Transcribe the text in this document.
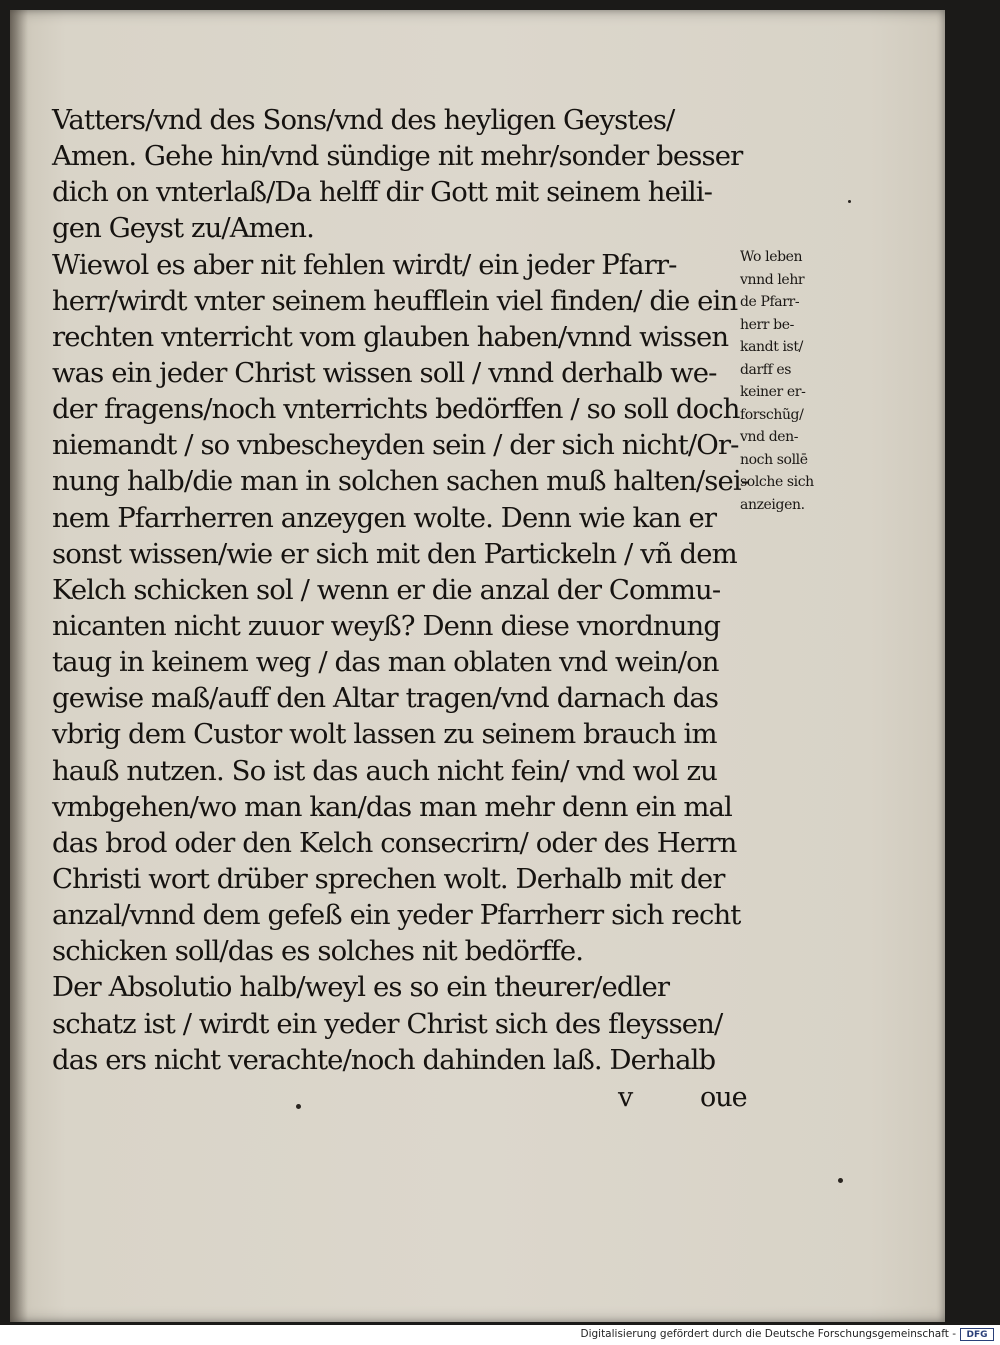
Vatters/vnd des Sons/vnd des heyligen Geystes/
Amen. Gehe hin/vnd sündige nit mehr/sonder besser
dich on vnterlaß/Da helff dir Gott mit seinem heili-
gen Geyst zu/Amen.
Wiewol es aber nit fehlen wirdt/ ein jeder Pfarr-
herr/wirdt vnter seinem heufflein viel finden/ die ein
rechten vnterricht vom glauben haben/vnnd wissen
was ein jeder Christ wissen soll / vnnd derhalb we-
der fragens/noch vnterrichts bedörffen / so soll doch
niemandt / so vnbescheyden sein / der sich nicht/Or-
nung halb/die man in solchen sachen muß halten/sei-
nem Pfarrherren anzeygen wolte. Denn wie kan er
sonst wissen/wie er sich mit den Partickeln / vñ dem
Kelch schicken sol / wenn er die anzal der Commu-
nicanten nicht zuuor weyß? Denn diese vnordnung
taug in keinem weg / das man oblaten vnd wein/on
gewise maß/auff den Altar tragen/vnd darnach das
vbrig dem Custor wolt lassen zu seinem brauch im
hauß nutzen. So ist das auch nicht fein/ vnd wol zu
vmbgehen/wo man kan/das man mehr denn ein mal
das brod oder den Kelch consecrirn/ oder des Herrn
Christi wort drüber sprechen wolt. Derhalb mit der
anzal/vnnd dem gefeß ein yeder Pfarrherr sich recht
schicken soll/das es solches nit bedörffe.
Der Absolutio halb/weyl es so ein theurer/edler
schatz ist / wirdt ein yeder Christ sich des fleyssen/
das ers nicht verachte/noch dahinden laß. Derhalb
Wo leben
vnnd lehr
de Pfarr-
herr be-
kandt ist/
darff es
keiner er-
forschũg/
vnd den-
noch sollē
solche sich
anzeigen.
v	oue
Digitalisierung gefördert durch die Deutsche Forschungsgemeinschaft -	DFG
